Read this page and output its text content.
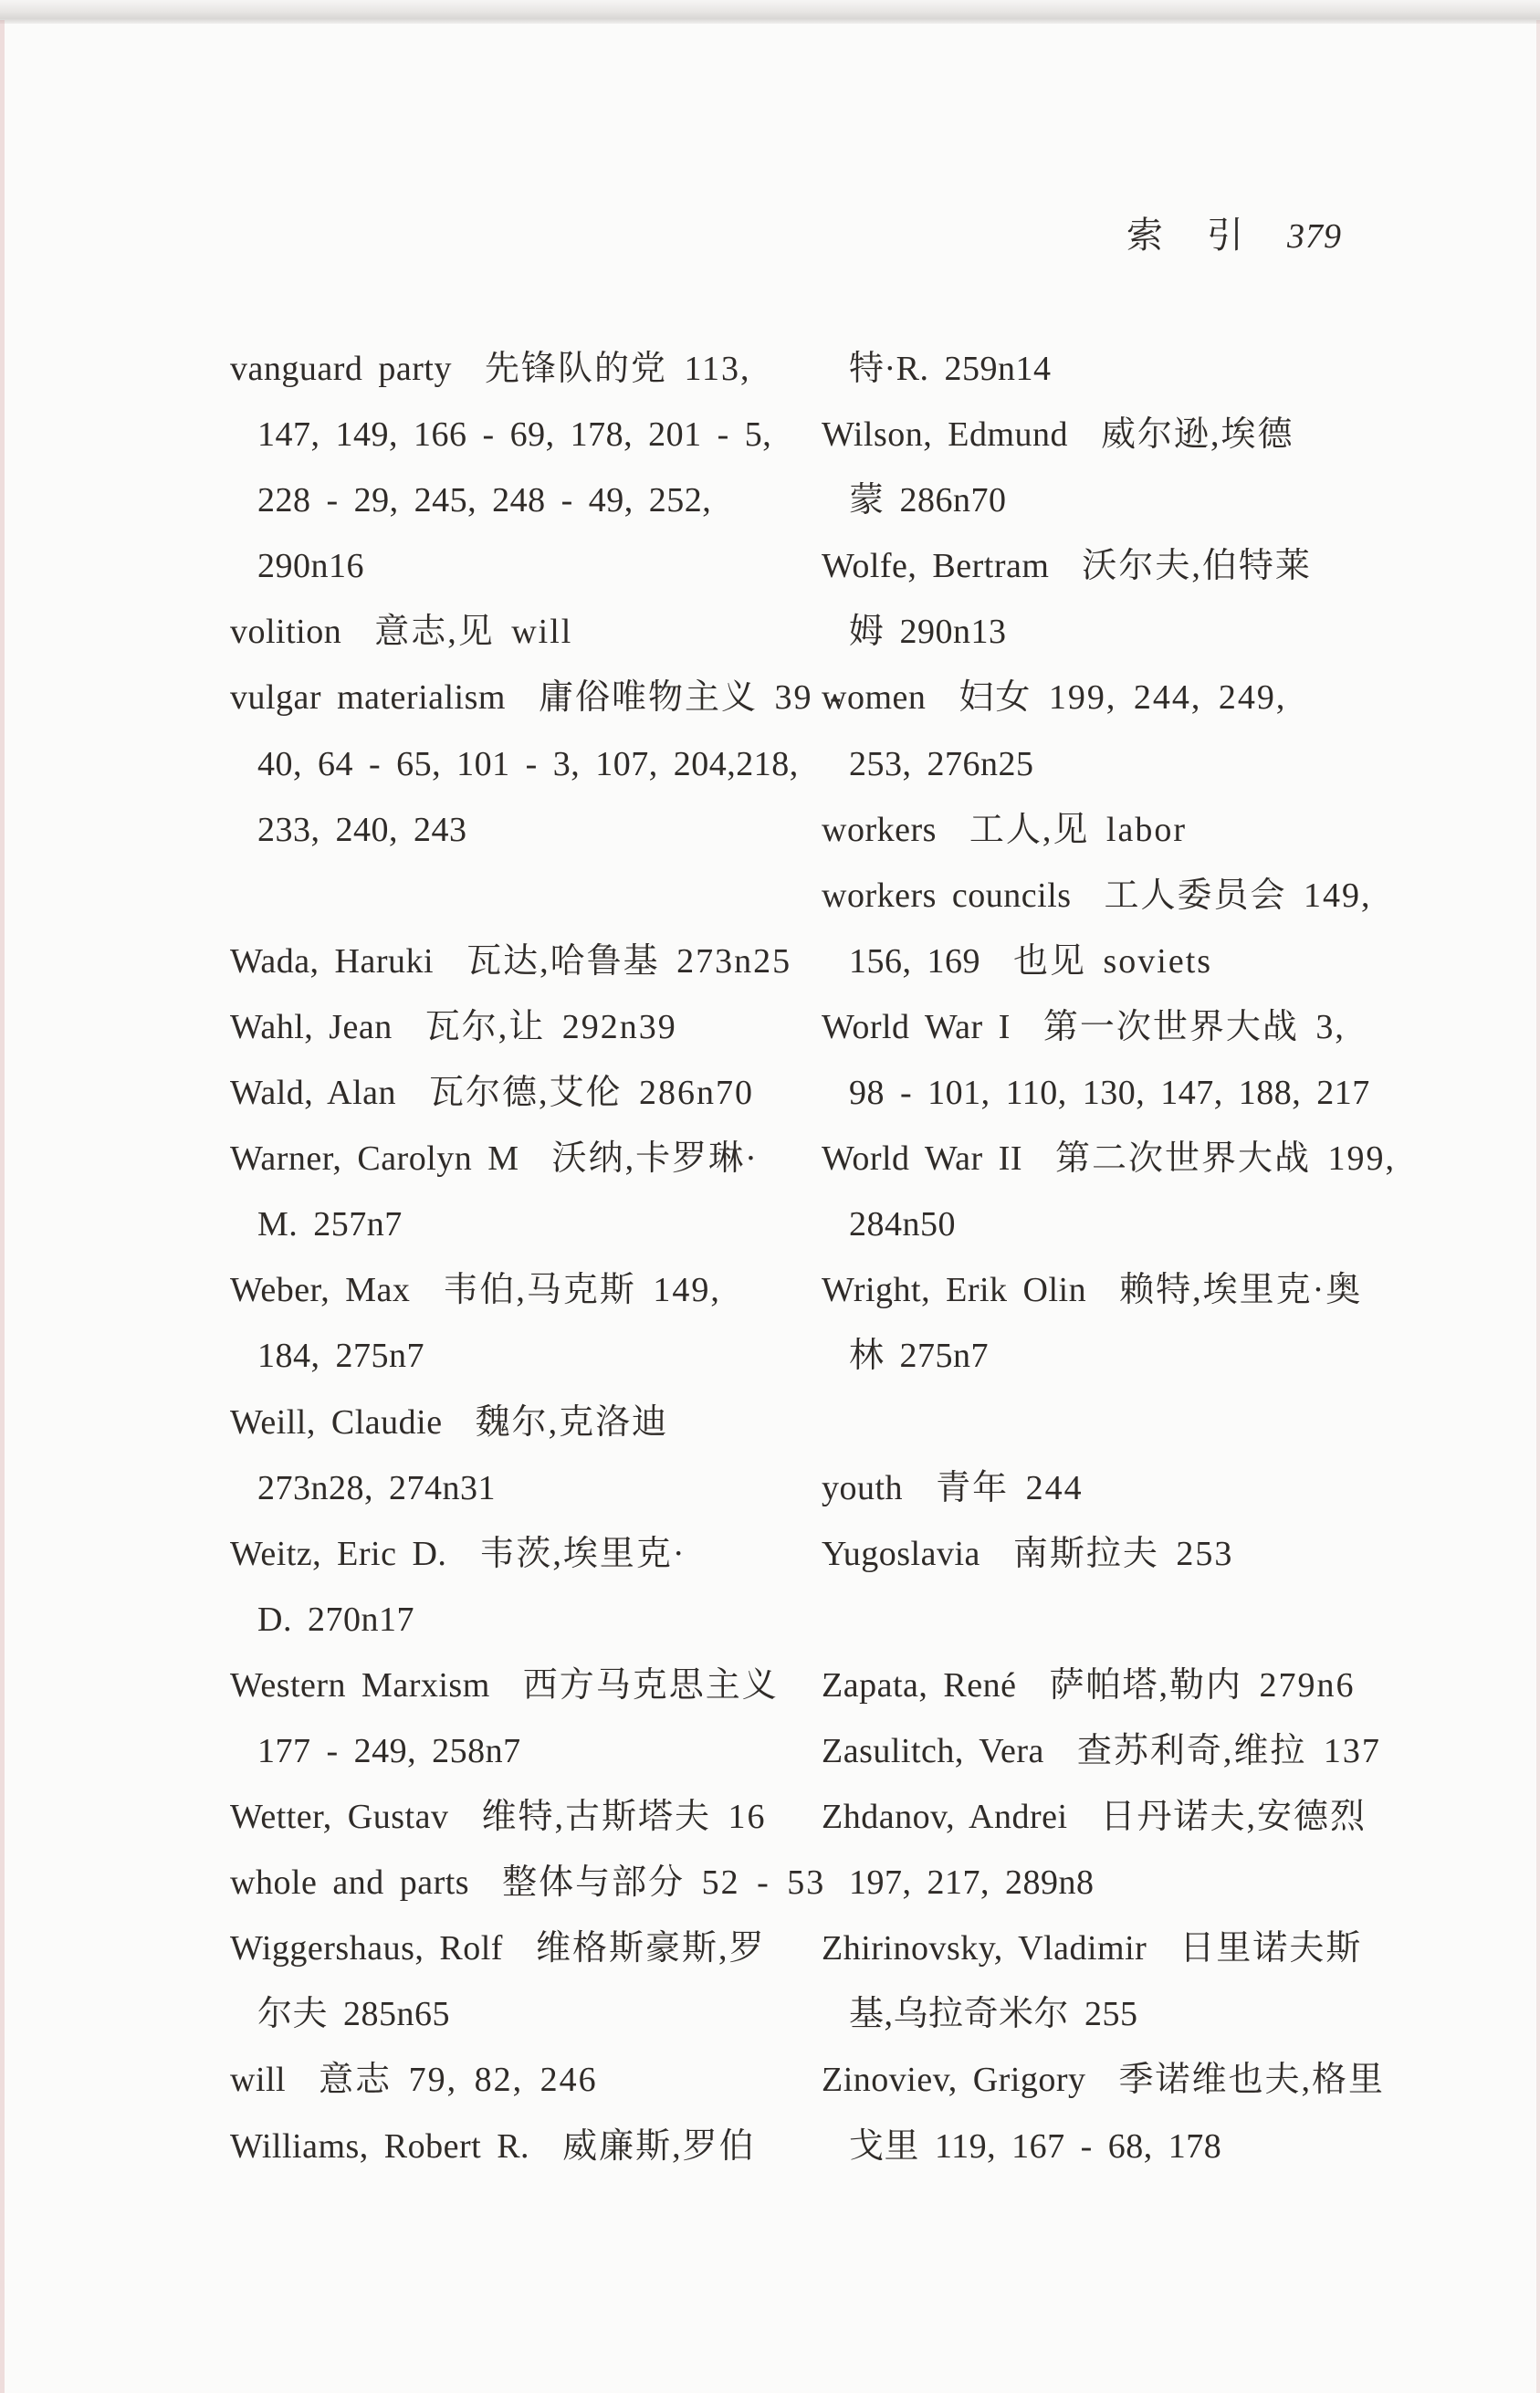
索 引 379
vanguard party 先锋队的党 113,
147, 149, 166 - 69, 178, 201 - 5,
228 - 29, 245, 248 - 49, 252,
290n16
volition 意志,见 will
vulgar materialism 庸俗唯物主义 39 -
40, 64 - 65, 101 - 3, 107, 204,218,
233, 240, 243
Wada, Haruki 瓦达,哈鲁基 273n25
Wahl, Jean 瓦尔,让 292n39
Wald, Alan 瓦尔德,艾伦 286n70
Warner, Carolyn M 沃纳,卡罗琳·
M. 257n7
Weber, Max 韦伯,马克斯 149,
184, 275n7
Weill, Claudie 魏尔,克洛迪
273n28, 274n31
Weitz, Eric D. 韦茨,埃里克·
D. 270n17
Western Marxism 西方马克思主义
177 - 249, 258n7
Wetter, Gustav 维特,古斯塔夫 16
whole and parts 整体与部分 52 - 53
Wiggershaus, Rolf 维格斯豪斯,罗
尔夫 285n65
will 意志 79, 82, 246
Williams, Robert R. 威廉斯,罗伯
特·R. 259n14
Wilson, Edmund 威尔逊,埃德
蒙 286n70
Wolfe, Bertram 沃尔夫,伯特莱
姆 290n13
women 妇女 199, 244, 249,
253, 276n25
workers 工人,见 labor
workers councils 工人委员会 149,
156, 169 也见 soviets
World War I 第一次世界大战 3,
98 - 101, 110, 130, 147, 188, 217
World War II 第二次世界大战 199,
284n50
Wright, Erik Olin 赖特,埃里克·奥
林 275n7
youth 青年 244
Yugoslavia 南斯拉夫 253
Zapata, René 萨帕塔,勒内 279n6
Zasulitch, Vera 查苏利奇,维拉 137
Zhdanov, Andrei 日丹诺夫,安德烈
197, 217, 289n8
Zhirinovsky, Vladimir 日里诺夫斯
基,乌拉奇米尔 255
Zinoviev, Grigory 季诺维也夫,格里
戈里 119, 167 - 68, 178
